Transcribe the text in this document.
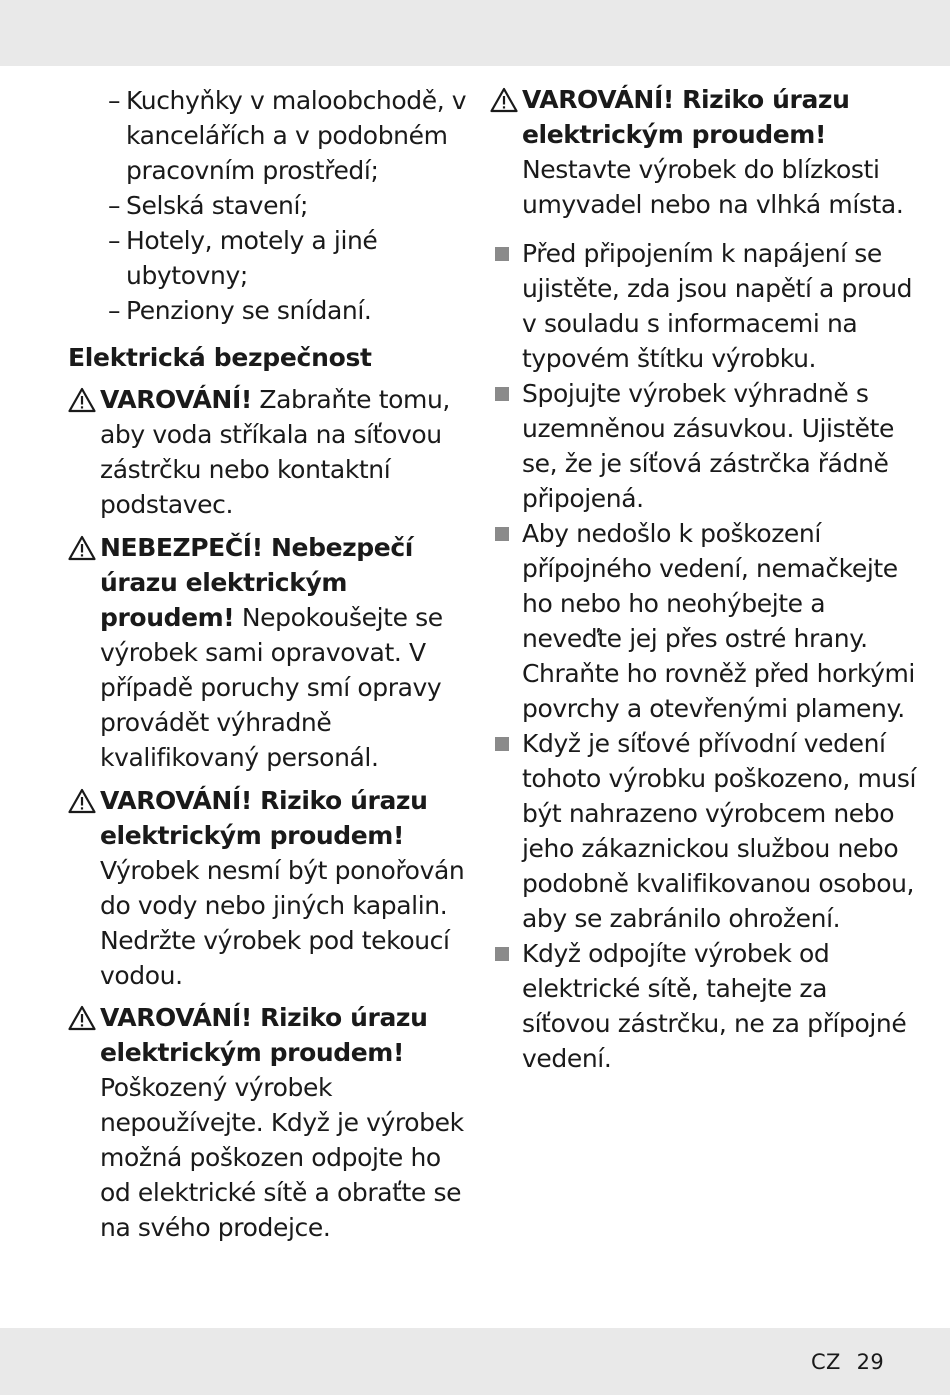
– Kuchyňky v maloobchodě, v kancelářích a v podobném pracovním prostředí;
– Selská stavení;
– Hotely, motely a jiné ubytovny;
– Penziony se snídaní.
Elektrická bezpečnost

VAROVÁNÍ! Zabraňte tomu, aby voda stříkala na síťovou zástrčku nebo kontaktní podstavec.

NEBEZPEČÍ! Nebezpečí úrazu elektrickým proudem! Nepokoušejte se výrobek sami opravovat. V případě poruchy smí opravy provádět výhradně kvalifikovaný personál.

VAROVÁNÍ! Riziko úrazu elektrickým proudem! Výrobek nesmí být ponořován do vody nebo jiných kapalin. Nedržte výrobek pod tekoucí vodou.

VAROVÁNÍ! Riziko úrazu elektrickým proudem! Poškozený výrobek nepoužívejte. Když je výrobek možná poškozen odpojte ho od elektrické sítě a obraťte se na svého prodejce.

VAROVÁNÍ! Riziko úrazu elektrickým proudem! Nestavte výrobek do blízkosti umyvadel nebo na vlhká místa.

Před připojením k napájení se ujistěte, zda jsou napětí a proud v souladu s informacemi na typovém štítku výrobku.
Spojujte výrobek výhradně s uzemněnou zásuvkou. Ujistěte se, že je síťová zástrčka řádně připojená.
Aby nedošlo k poškození přípojného vedení, nemačkejte ho nebo ho neohýbejte a neveďte jej přes ostré hrany. Chraňte ho rovněž před horkými povrchy a otevřenými plameny.
Když je síťové přívodní vedení tohoto výrobku poškozeno, musí být nahrazeno výrobcem nebo jeho zákaznickou službou nebo podobně kvalifikovanou osobou, aby se zabránilo ohrožení.
Když odpojíte výrobek od elektrické sítě, tahejte za síťovou zástrčku, ne za přípojné vedení.
CZ 29
